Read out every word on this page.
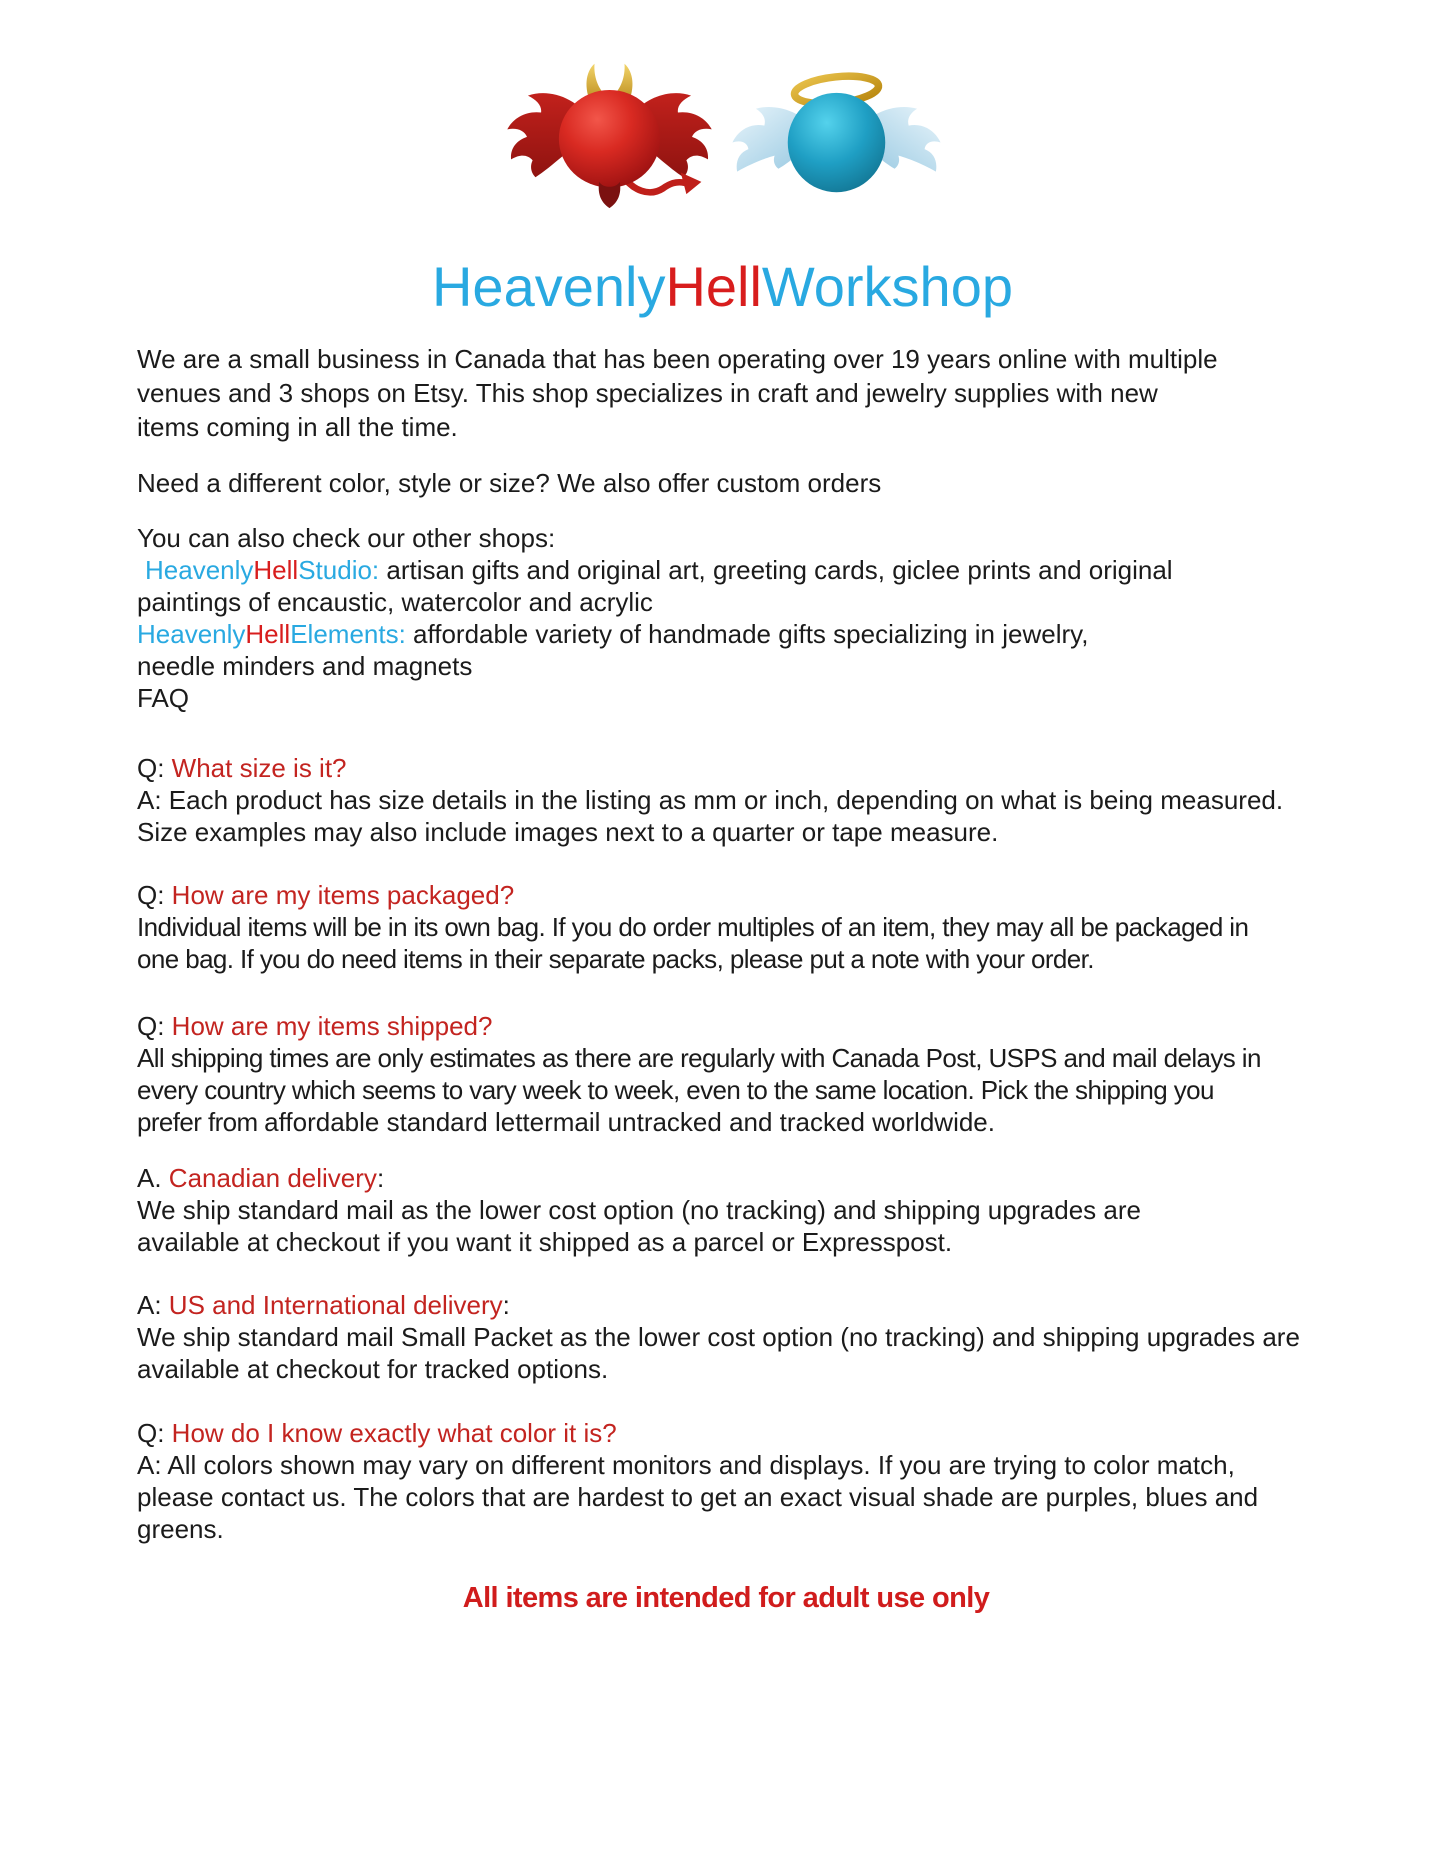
HeavenlyHellWorkshop
We are a small business in Canada that has been operating over 19 years online with multiple
venues and 3 shops on Etsy. This shop specializes in craft and jewelry supplies with new
items coming in all the time.
Need a different color, style or size? We also offer custom orders
You can also check our other shops:
HeavenlyHellStudio: artisan gifts and original art, greeting cards, giclee prints and original
paintings of encaustic, watercolor and acrylic
HeavenlyHellElements: affordable variety of handmade gifts specializing in jewelry,
needle minders and magnets
FAQ
Q: What size is it?
A: Each product has size details in the listing as mm or inch, depending on what is being measured.
Size examples may also include images next to a quarter or tape measure.
Q: How are my items packaged?
Individual items will be in its own bag. If you do order multiples of an item, they may all be packaged in
one bag. If you do need items in their separate packs, please put a note with your order.
Q: How are my items shipped?
All shipping times are only estimates as there are regularly with Canada Post, USPS and mail delays in
every country which seems to vary week to week, even to the same location. Pick the shipping you
prefer from affordable standard lettermail untracked and tracked worldwide.
A. Canadian delivery:
We ship standard mail as the lower cost option (no tracking) and shipping upgrades are
available at checkout if you want it shipped as a parcel or Expresspost.
A: US and International delivery:
We ship standard mail Small Packet as the lower cost option (no tracking) and shipping upgrades are
available at checkout for tracked options.
Q: How do I know exactly what color it is?
A: All colors shown may vary on different monitors and displays. If you are trying to color match,
please contact us. The colors that are hardest to get an exact visual shade are purples, blues and
greens.
All items are intended for adult use only
